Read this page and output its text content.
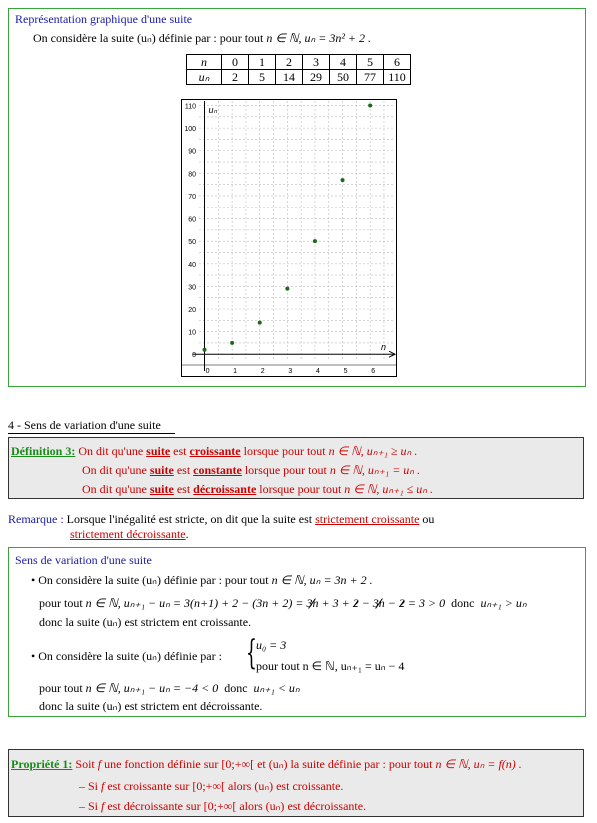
Représentation graphique d'une suite
On considère la suite (uₙ) définie par : pour tout n ∈ ℕ, uₙ = 3n² + 2 .
n	0	1	2	3	4	5	6
uₙ	2	5	14	29	50	77	110
0
10
20
30
40
50
60
70
80
90
100
110
0	1	2	3	4	5	6
uₙ
n
4 - Sens de variation d'une suite
Définition 3: On dit qu'une suite est croissante lorsque pour tout n ∈ ℕ, uₙ₊₁ ≥ uₙ .
On dit qu'une suite est constante lorsque pour tout n ∈ ℕ, uₙ₊₁ = uₙ .
On dit qu'une suite est décroissante lorsque pour tout n ∈ ℕ, uₙ₊₁ ≤ uₙ .
Remarque : Lorsque l'inégalité est stricte, on dit que la suite est strictement croissante ou
strictement décroissante.
Sens de variation d'une suite
• On considère la suite (uₙ) définie par : pour tout n ∈ ℕ, uₙ = 3n + 2 .
pour tout n ∈ ℕ, uₙ₊₁ − uₙ = 3(n+1) + 2 − (3n + 2) = 3n + 3 + 2 − 3n − 2 = 3 > 0 donc uₙ₊₁ > uₙ
donc la suite (uₙ) est strictem ent croissante.
• On considère la suite (uₙ) définie par : { u₀ = 3
pour tout n ∈ ℕ, uₙ₊₁ = uₙ − 4
pour tout n ∈ ℕ, uₙ₊₁ − uₙ = −4 < 0 donc uₙ₊₁ < uₙ
donc la suite (uₙ) est strictem ent décroissante.
Propriété 1: Soit f une fonction définie sur [0;+∞[ et (uₙ) la suite définie par : pour tout n ∈ ℕ, uₙ = f(n) .
– Si f est croissante sur [0;+∞[ alors (uₙ) est croissante.
– Si f est décroissante sur [0;+∞[ alors (uₙ) est décroissante.
